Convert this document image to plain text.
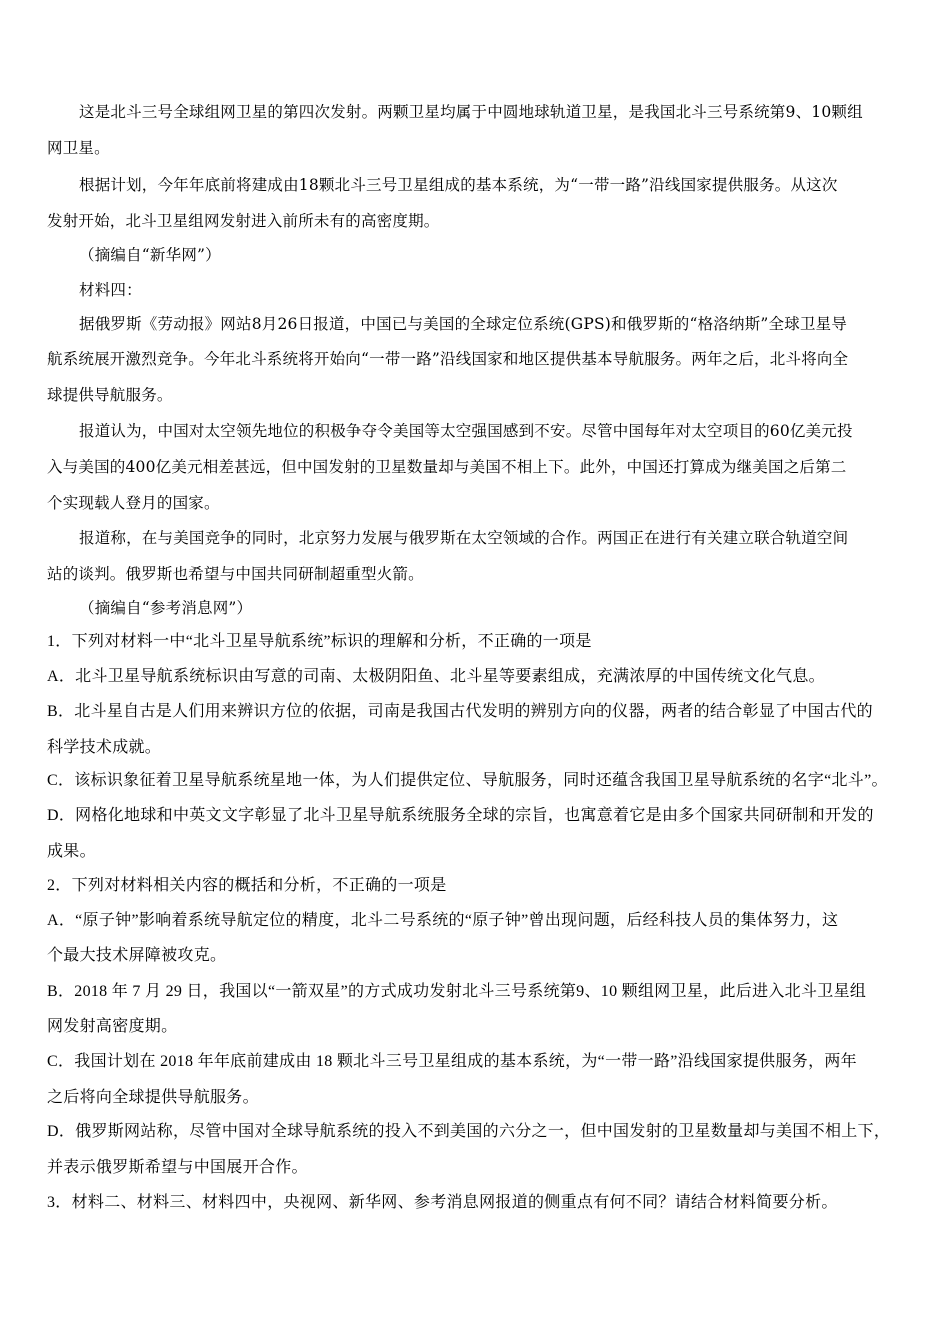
这是北斗三号全球组网卫星的第四次发射。两颗卫星均属于中圆地球轨道卫星，是我国北斗三号系统第9、10颗组
网卫星。
根据计划，今年年底前将建成由18颗北斗三号卫星组成的基本系统，为“一带一路”沿线国家提供服务。从这次
发射开始，北斗卫星组网发射进入前所未有的高密度期。
（摘编自“新华网”）
材料四：
据俄罗斯《劳动报》网站8月26日报道，中国已与美国的全球定位系统(GPS)和俄罗斯的“格洛纳斯”全球卫星导
航系统展开激烈竞争。今年北斗系统将开始向“一带一路”沿线国家和地区提供基本导航服务。两年之后，北斗将向全
球提供导航服务。
报道认为，中国对太空领先地位的积极争夺令美国等太空强国感到不安。尽管中国每年对太空项目的60亿美元投
入与美国的400亿美元相差甚远，但中国发射的卫星数量却与美国不相上下。此外，中国还打算成为继美国之后第二
个实现载人登月的国家。
报道称，在与美国竞争的同时，北京努力发展与俄罗斯在太空领域的合作。两国正在进行有关建立联合轨道空间
站的谈判。俄罗斯也希望与中国共同研制超重型火箭。
（摘编自“参考消息网”）
1．下列对材料一中“北斗卫星导航系统”标识的理解和分析，不正确的一项是
A．北斗卫星导航系统标识由写意的司南、太极阴阳鱼、北斗星等要素组成，充满浓厚的中国传统文化气息。
B．北斗星自古是人们用来辨识方位的依据，司南是我国古代发明的辨别方向的仪器，两者的结合彰显了中国古代的
科学技术成就。
C．该标识象征着卫星导航系统星地一体，为人们提供定位、导航服务，同时还蕴含我国卫星导航系统的名字“北斗”。
D．网格化地球和中英文文字彰显了北斗卫星导航系统服务全球的宗旨，也寓意着它是由多个国家共同研制和开发的
成果。
2．下列对材料相关内容的概括和分析，不正确的一项是
A．“原子钟”影响着系统导航定位的精度，北斗二号系统的“原子钟”曾出现问题，后经科技人员的集体努力，这
个最大技术屏障被攻克。
B．2018 年 7 月 29 日，我国以“一箭双星”的方式成功发射北斗三号系统第9、10 颗组网卫星，此后进入北斗卫星组
网发射高密度期。
C．我国计划在 2018 年年底前建成由 18 颗北斗三号卫星组成的基本系统，为“一带一路”沿线国家提供服务，两年
之后将向全球提供导航服务。
D．俄罗斯网站称，尽管中国对全球导航系统的投入不到美国的六分之一，但中国发射的卫星数量却与美国不相上下，
并表示俄罗斯希望与中国展开合作。
3．材料二、材料三、材料四中，央视网、新华网、参考消息网报道的侧重点有何不同？请结合材料简要分析。
